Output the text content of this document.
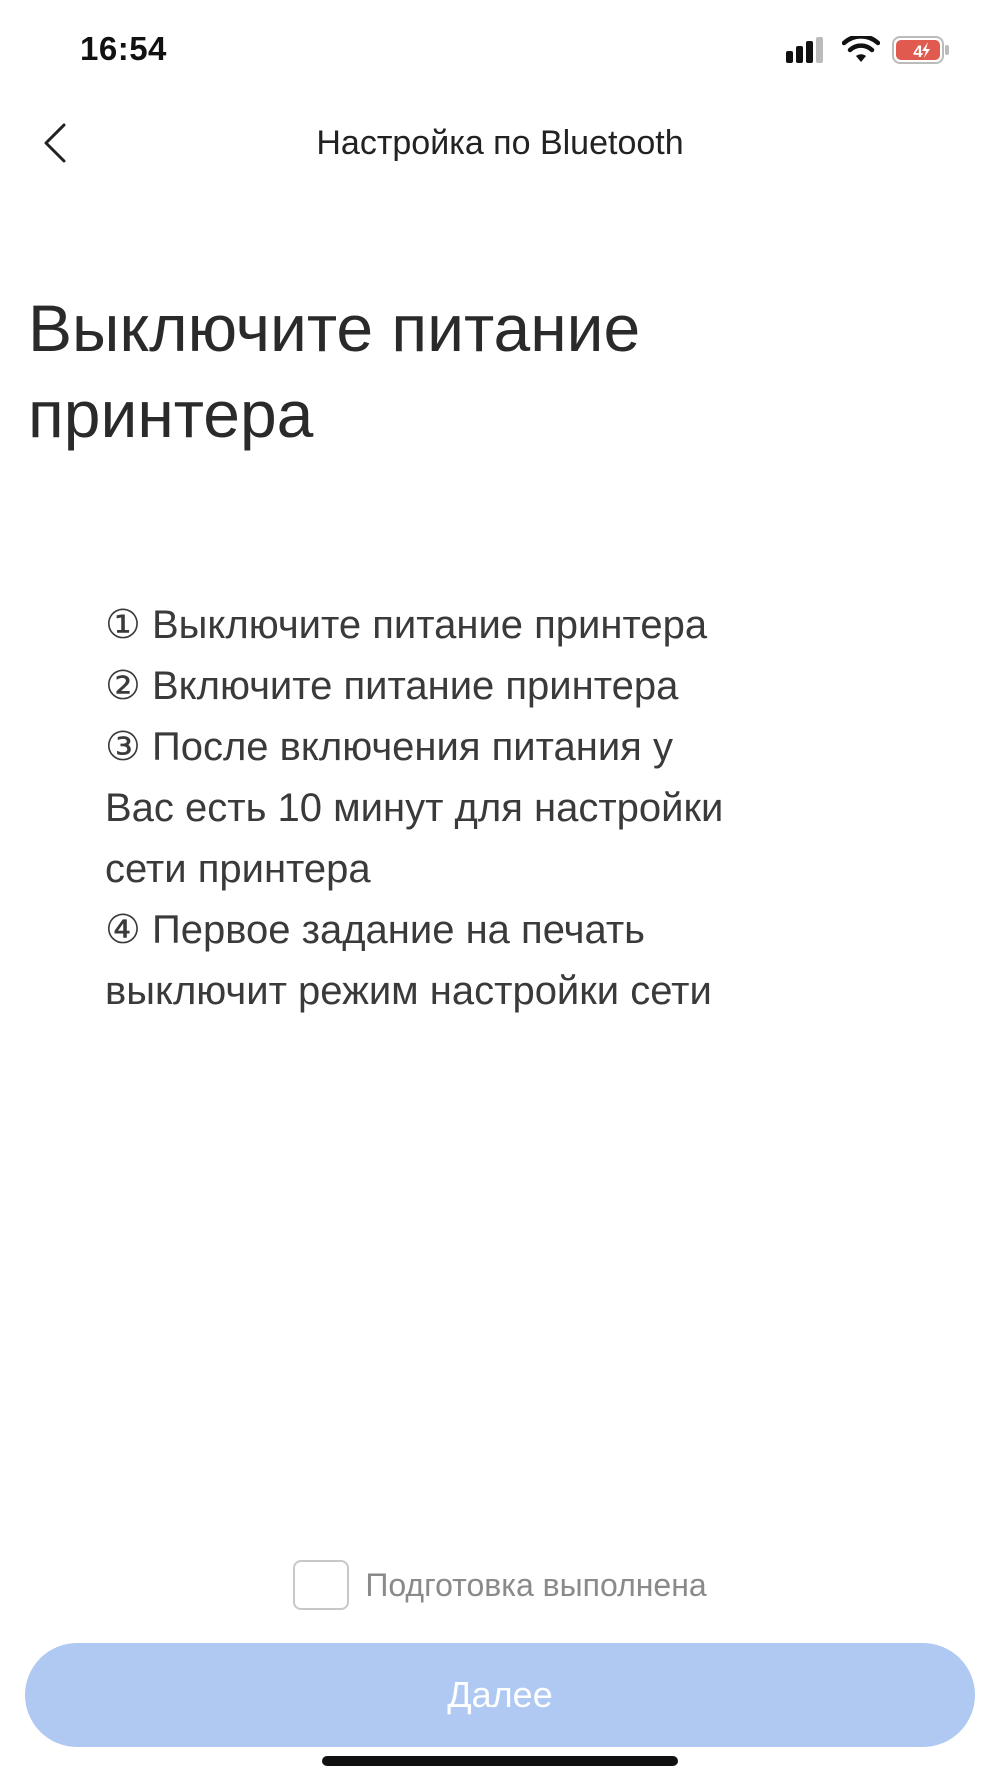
16:54	4
Настройка по Bluetooth
Выключите питание
принтера
① Выключите питание принтера
② Включите питание принтера
③ После включения питания у
Вас есть 10 минут для настройки
сети принтера
④ Первое задание на печать
выключит режим настройки сети
Подготовка выполнена
Далее
